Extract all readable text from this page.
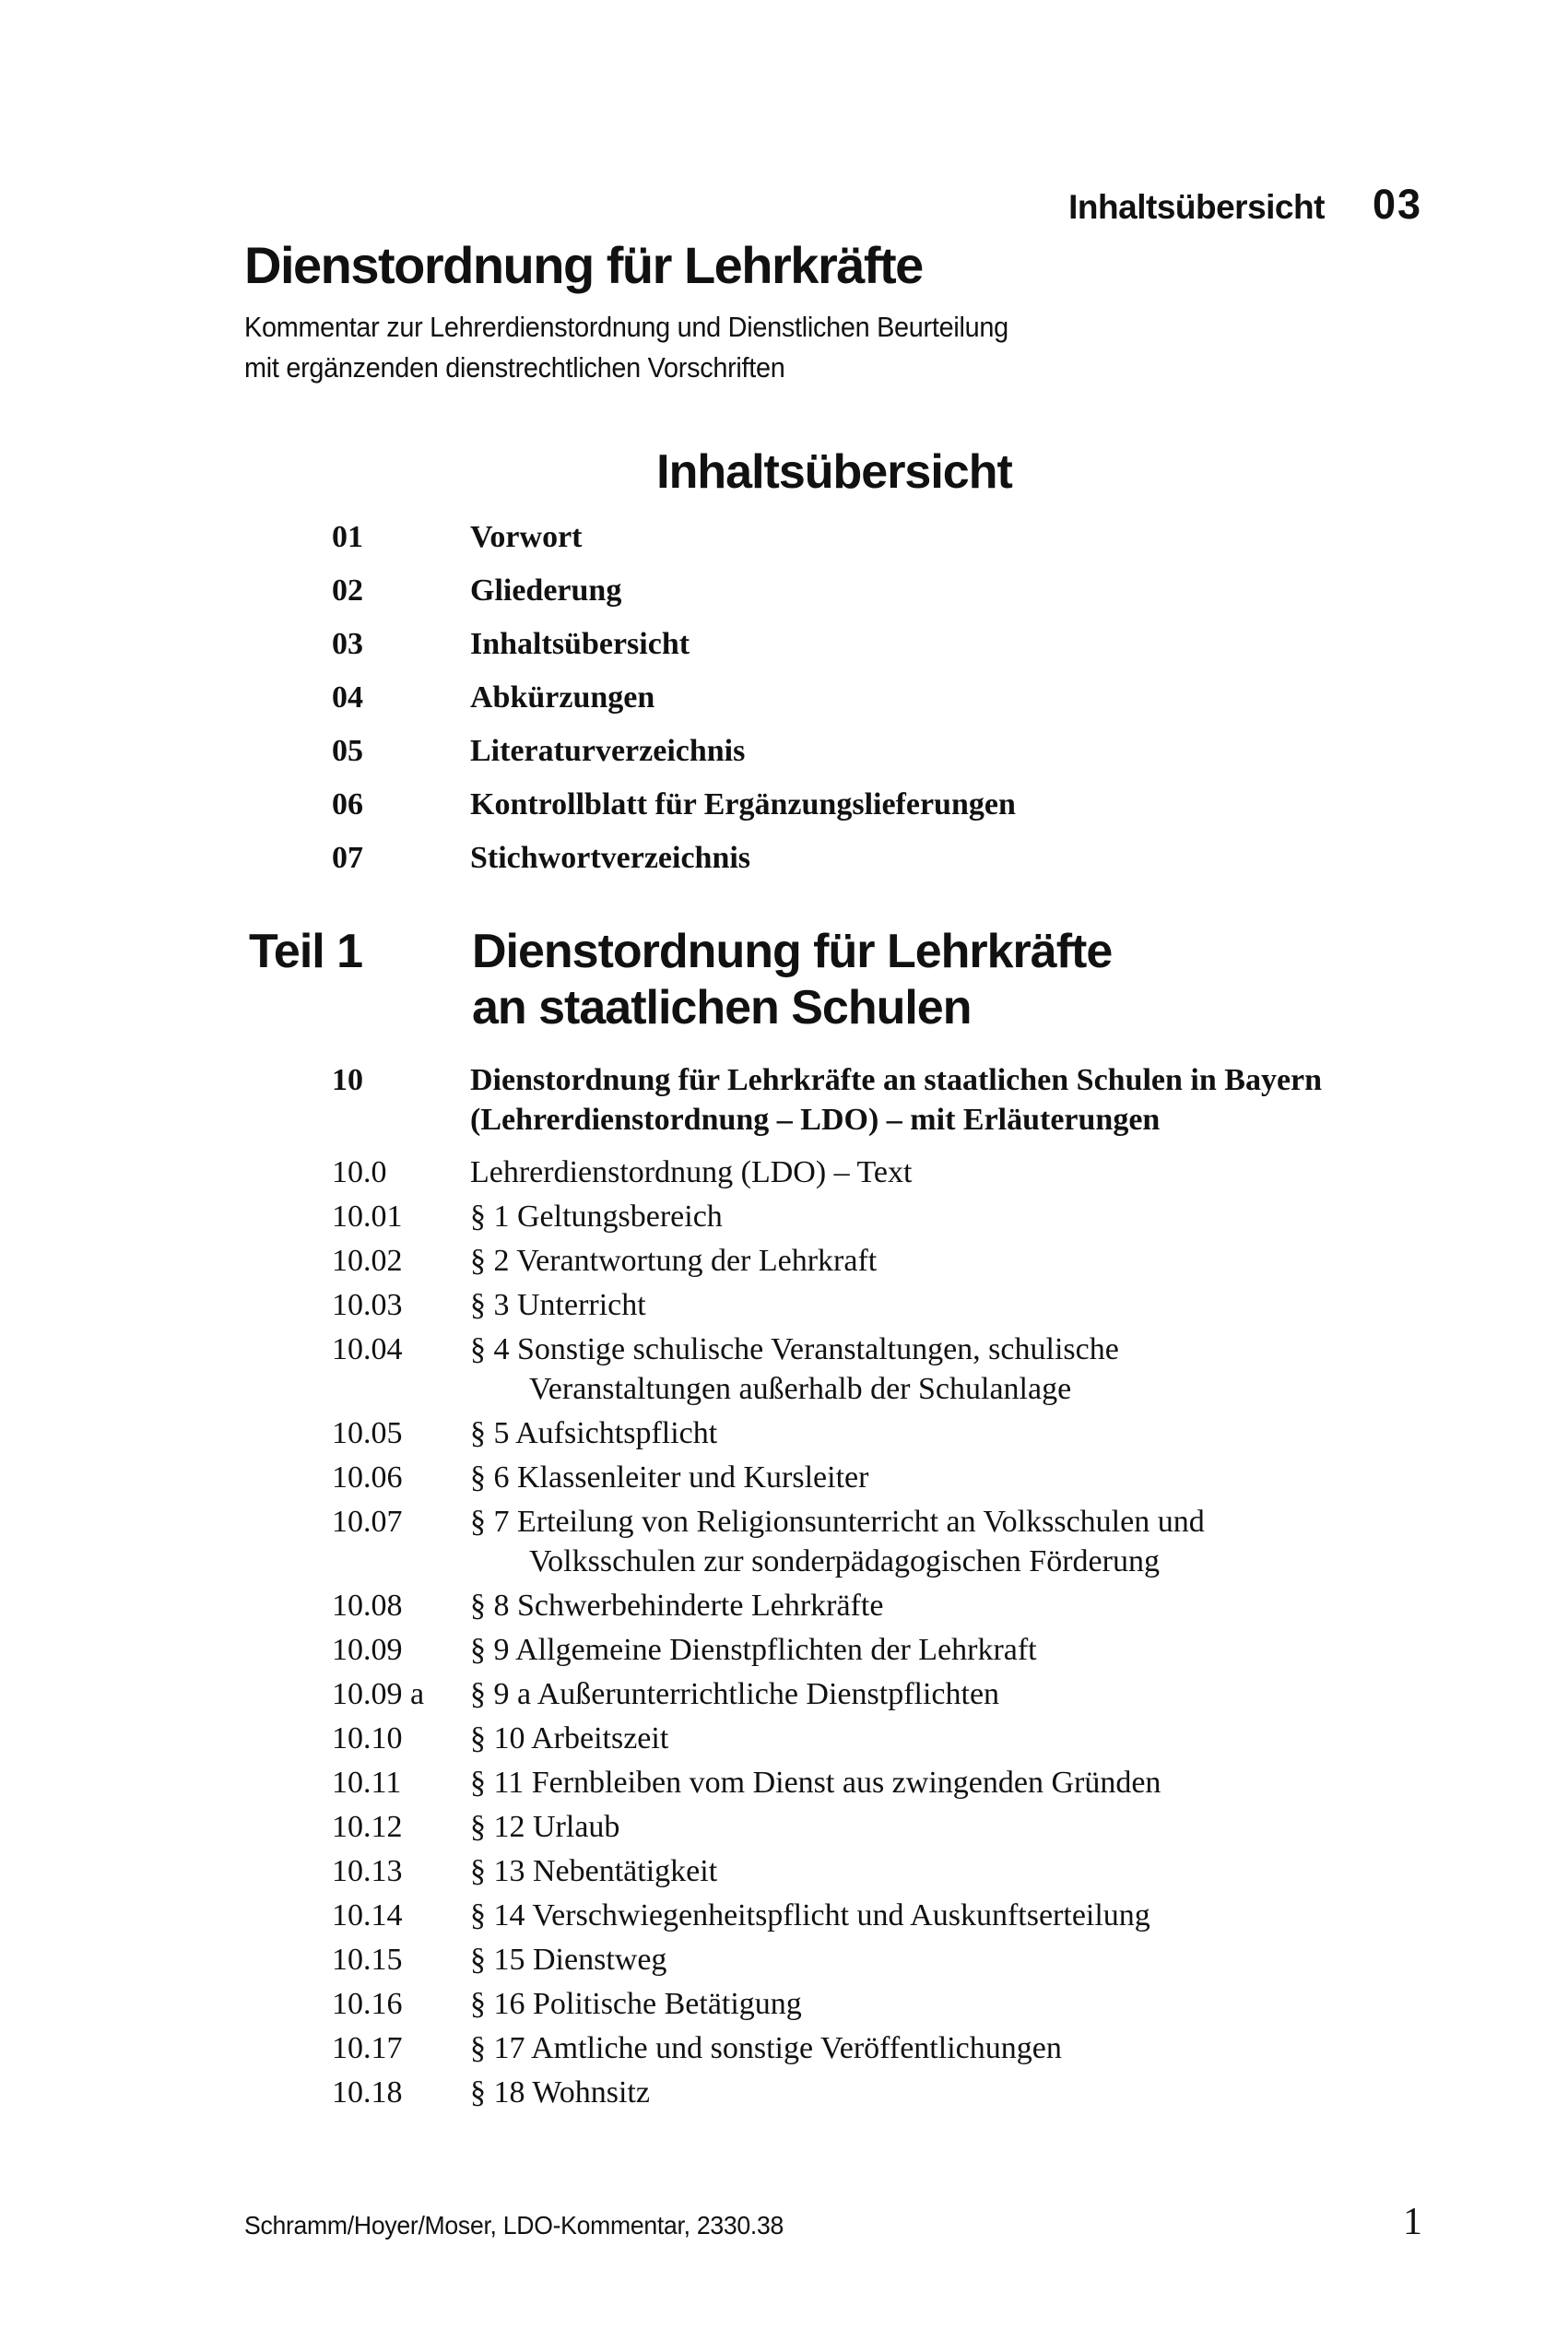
Inhaltsübersicht 03
Dienstordnung für Lehrkräfte
Kommentar zur Lehrerdienstordnung und Dienstlichen Beurteilung
mit ergänzenden dienstrechtlichen Vorschriften
Inhaltsübersicht
01	Vorwort
02	Gliederung
03	Inhaltsübersicht
04	Abkürzungen
05	Literaturverzeichnis
06	Kontrollblatt für Ergänzungslieferungen
07	Stichwortverzeichnis
Teil 1	Dienstordnung für Lehrkräfte
an staatlichen Schulen
10	Dienstordnung für Lehrkräfte an staatlichen Schulen in Bayern
(Lehrerdienstordnung – LDO) – mit Erläuterungen
10.0	Lehrerdienstordnung (LDO) – Text
10.01	§ 1 Geltungsbereich
10.02	§ 2 Verantwortung der Lehrkraft
10.03	§ 3 Unterricht
10.04	§ 4 Sonstige schulische Veranstaltungen, schulische
Veranstaltungen außerhalb der Schulanlage
10.05	§ 5 Aufsichtspflicht
10.06	§ 6 Klassenleiter und Kursleiter
10.07	§ 7 Erteilung von Religionsunterricht an Volksschulen und
Volksschulen zur sonderpädagogischen Förderung
10.08	§ 8 Schwerbehinderte Lehrkräfte
10.09	§ 9 Allgemeine Dienstpflichten der Lehrkraft
10.09 a	§ 9 a Außerunterrichtliche Dienstpflichten
10.10	§ 10 Arbeitszeit
10.11	§ 11 Fernbleiben vom Dienst aus zwingenden Gründen
10.12	§ 12 Urlaub
10.13	§ 13 Nebentätigkeit
10.14	§ 14 Verschwiegenheitspflicht und Auskunftserteilung
10.15	§ 15 Dienstweg
10.16	§ 16 Politische Betätigung
10.17	§ 17 Amtliche und sonstige Veröffentlichungen
10.18	§ 18 Wohnsitz
Schramm/Hoyer/Moser, LDO-Kommentar, 2330.38	1
